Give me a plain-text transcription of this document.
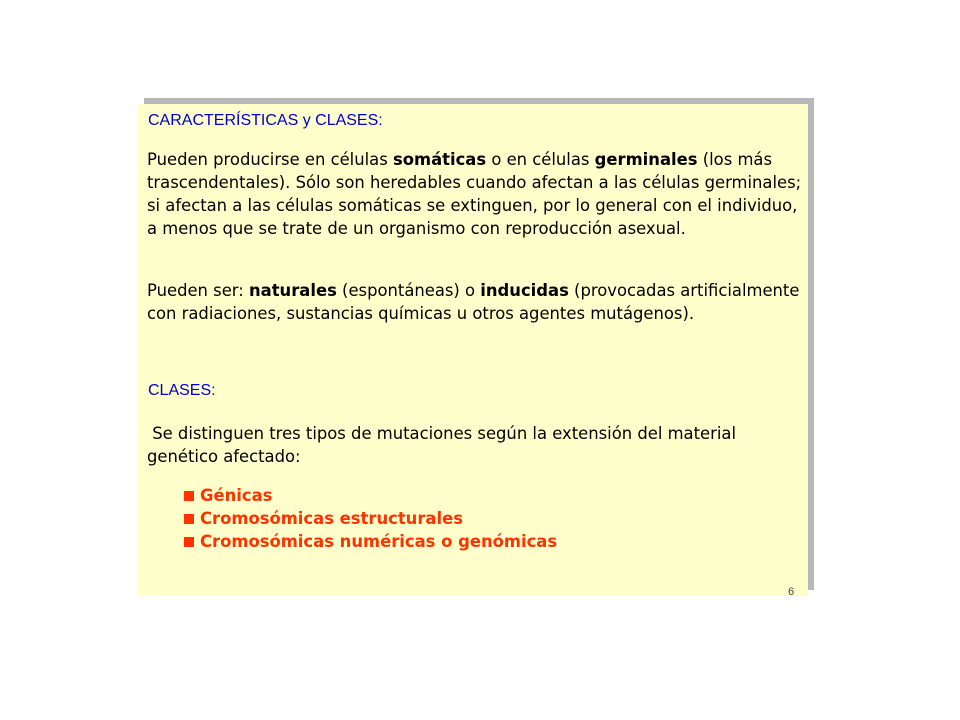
CARACTERÍSTICAS y CLASES:
Pueden producirse en células somáticas o en células germinales (los más trascendentales). Sólo son heredables cuando afectan a las células germinales; si afectan a las células somáticas se extinguen, por lo general con el individuo, a menos que se trate de un organismo con reproducción asexual.
Pueden ser: naturales (espontáneas) o inducidas (provocadas artificialmente con radiaciones, sustancias químicas u otros agentes mutágenos).
CLASES:
Se distinguen tres tipos de mutaciones según la extensión del material genético afectado:
Génicas
Cromosómicas estructurales
Cromosómicas numéricas o genómicas
6
